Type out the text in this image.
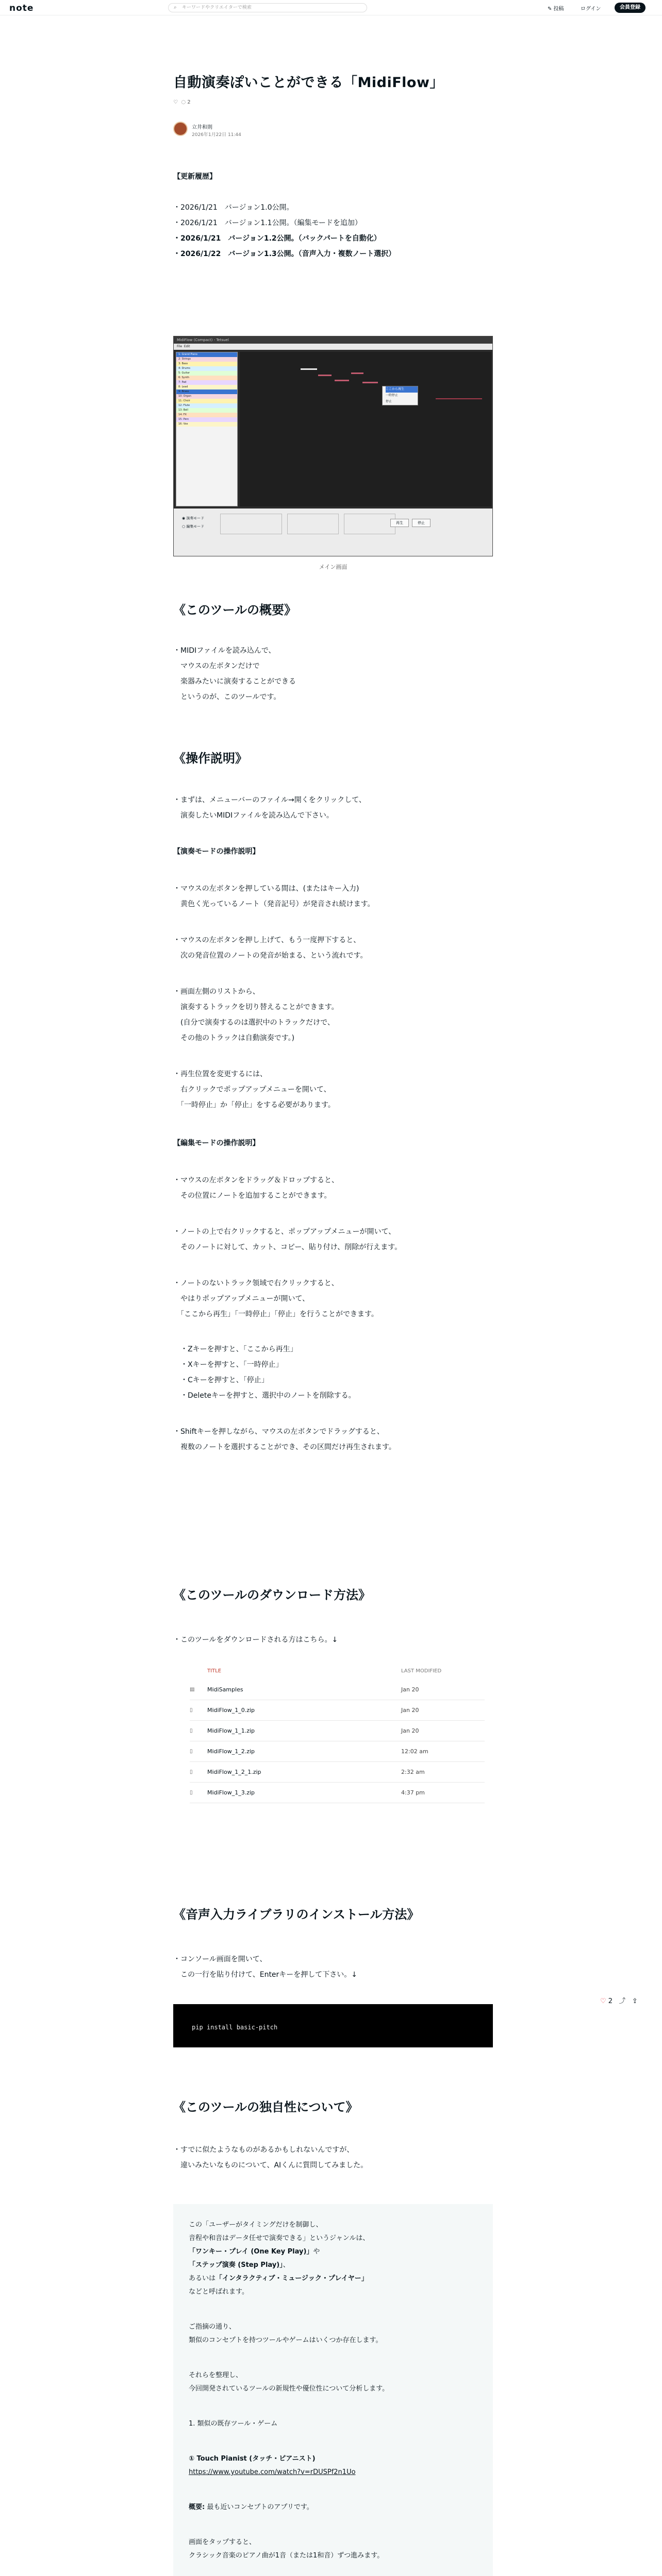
note	⌕ キーワードやクリエイターで検索	✎ 投稿	ログイン	会員登録
自動演奏ぽいことができる「MidiFlow」
♡ ◌ 2
立井和則
2026年1月22日 11:44
【更新履歴】
・2026/1/21　バージョン1.0公開。
・2026/1/21　バージョン1.1公開。（編集モードを追加）
・2026/1/21　バージョン1.2公開。（バックパートを自動化）
・2026/1/22　バージョン1.3公開。（音声入力・複数ノート選択）
MidiFlow (Compact) - Tetsuel
File  Edit
1: Grand Piano
2: Strings
3: Bass
4: Drums
5: Guitar
6: Synth
7: Pad
8: Lead
9: Brass
10: Organ
11: Choir
12: Flute
13: Bell
14: FX
15: Perc
16: Vox
ここから再生
一時停止
停止
◉ 演奏モード
○ 編集モード
再生	停止
メイン画面
《このツールの概要》
・MIDIファイルを読み込んで、
　マウスの左ボタンだけで
　楽器みたいに演奏することができる
　というのが、このツールです。
《操作説明》
・まずは、メニューバーのファイル→開くをクリックして、
　演奏したいMIDIファイルを読み込んで下さい。
【演奏モードの操作説明】
・マウスの左ボタンを押している間は、(またはキー入力)
　黄色く光っているノート（発音記号）が発音され続けます。
・マウスの左ボタンを押し上げて、もう一度押下すると、
　次の発音位置のノートの発音が始まる、という流れです。
・画面左側のリストから、
　演奏するトラックを切り替えることができます。
　(自分で演奏するのは選択中のトラックだけで、
　その他のトラックは自動演奏です。)
・再生位置を変更するには、
　右クリックでポップアップメニューを開いて、
　「一時停止」か「停止」をする必要があります。
【編集モードの操作説明】
・マウスの左ボタンをドラッグ＆ドロップすると、
　その位置にノートを追加することができます。
・ノートの上で右クリックすると、ポップアップメニューが開いて、
　そのノートに対して、カット、コピー、貼り付け、削除が行えます。
・ノートのないトラック領域で右クリックすると、
　やはりポップアップメニューが開いて、
　「ここから再生」「一時停止」「停止」を行うことができます。
　・Zキーを押すと、「ここから再生」
　・Xキーを押すと、「一時停止」
　・Cキーを押すと、「停止」
　・Deleteキーを押すと、選択中のノートを削除する。
・Shiftキーを押しながら、マウスの左ボタンでドラッグすると、
　複数のノートを選択することができ、その区間だけ再生されます。
《このツールのダウンロード方法》
・このツールをダウンロードされる方はこちら。↓
TITLE	LAST MODIFIED
▤ MidiSamples	Jan 20
▯	MidiFlow_1_0.zip	Jan 20
▯	MidiFlow_1_1.zip	Jan 20
▯	MidiFlow_1_2.zip	12:02 am
▯	MidiFlow_1_2_1.zip	2:32 am
▯	MidiFlow_1_3.zip	4:37 pm
《音声入力ライブラリのインストール方法》
・コンソール画面を開いて、
　この一行を貼り付けて、Enterキーを押して下さい。↓
pip install basic-pitch
♡ 2 ⤴ ⇪
《このツールの独自性について》
・すでに似たようなものがあるかもしれないんですが、
　違いみたいなものについて、AIくんに質問してみました。
この「ユーザーがタイミングだけを制御し、
音程や和音はデータ任せで演奏できる」というジャンルは、
「ワンキー・プレイ (One Key Play)」や
「ステップ演奏 (Step Play)」、
あるいは「インタラクティブ・ミュージック・プレイヤー」
などと呼ばれます。
ご指摘の通り、
類似のコンセプトを持つツールやゲームはいくつか存在します。
それらを整理し、
今回開発されているツールの新規性や優位性について分析します。
1. 類似の既存ツール・ゲーム
① Touch Pianist (タッチ・ピアニスト)
https://www.youtube.com/watch?v=rDUSPf2n1Uo
概要: 最も近いコンセプトのアプリです。
画面をタップすると、
クラシック音楽のピアノ曲が1音（または1和音）ずつ進みます。
